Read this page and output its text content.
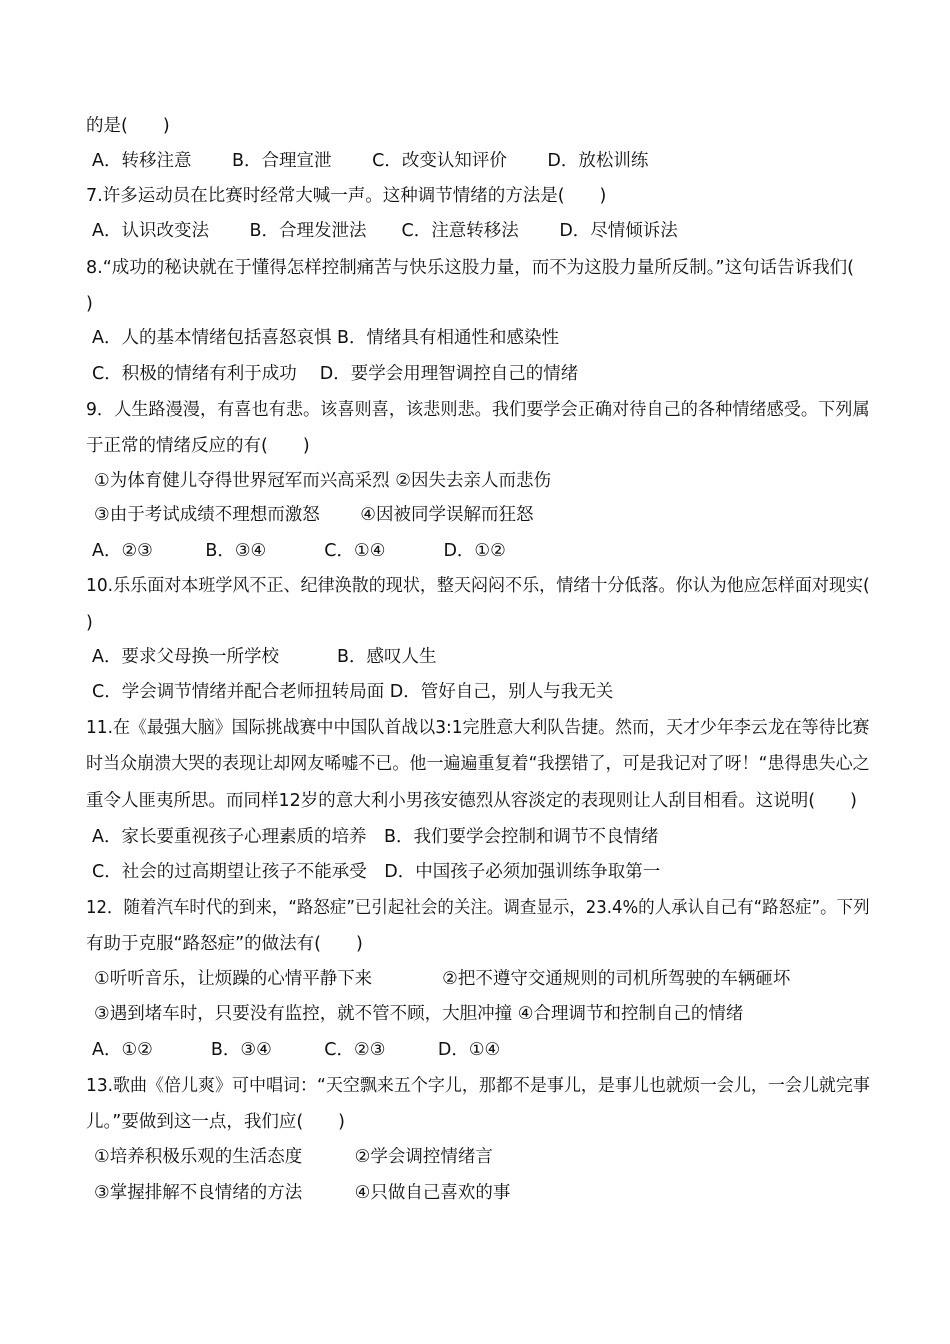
的是(　　)
A．转移注意　　 B．合理宣泄　　 C．改变认知评价　　 D．放松训练
7.许多运动员在比赛时经常大喊一声。这种调节情绪的方法是(　　)
A．认识改变法　　 B．合理发泄法　　C．注意转移法　　 D．尽情倾诉法
8.“成功的秘诀就在于懂得怎样控制痛苦与快乐这股力量，而不为这股力量所反制。”这句话告诉我们(
)
A．人的基本情绪包括喜怒哀惧 B．情绪具有相通性和感染性
C．积极的情绪有利于成功　 D．要学会用理智调控自己的情绪
9．人生路漫漫，有喜也有悲。该喜则喜，该悲则悲。我们要学会正确对待自己的各种情绪感受。下列属
于正常的情绪反应的有(　　)
①为体育健儿夺得世界冠军而兴高采烈 ②因失去亲人而悲伤
③由于考试成绩不理想而激怒　　 ④因被同学误解而狂怒
A．②③　　　B．③④　　　 C．①④　　　 D．①②
10.乐乐面对本班学风不正、纪律涣散的现状，整天闷闷不乐，情绪十分低落。你认为他应怎样面对现实(
)
A．要求父母换一所学校　　　 B．感叹人生
C．学会调节情绪并配合老师扭转局面 D．管好自己，别人与我无关
11.在《最强大脑》国际挑战赛中中国队首战以3:1完胜意大利队告捷。然而，天才少年李云龙在等待比赛
时当众崩溃大哭的表现让却网友唏嘘不已。他一遍遍重复着“我摆错了，可是我记对了呀！“患得患失心之
重令人匪夷所思。而同样12岁的意大利小男孩安德烈从容淡定的表现则让人刮目相看。这说明(　　)
A．家长要重视孩子心理素质的培养　B．我们要学会控制和调节不良情绪
C．社会的过高期望让孩子不能承受　D．中国孩子必须加强训练争取第一
12．随着汽车时代的到来，“路怒症”已引起社会的关注。调查显示，23.4%的人承认自己有“路怒症”。下列
有助于克服“路怒症”的做法有(　　)
①听听音乐，让烦躁的心情平静下来　　　　②把不遵守交通规则的司机所驾驶的车辆砸坏
③遇到堵车时，只要没有监控，就不管不顾，大胆冲撞 ④合理调节和控制自己的情绪
A．①②　　　 B．③④　　　C．②③　　　D．①④
13.歌曲《倍儿爽》可中唱词：“天空飘来五个字儿，那都不是事儿，是事儿也就烦一会儿，一会儿就完事
儿。”要做到这一点，我们应(　　)
①培养积极乐观的生活态度　　　②学会调控情绪言
③掌握排解不良情绪的方法　　　④只做自己喜欢的事
